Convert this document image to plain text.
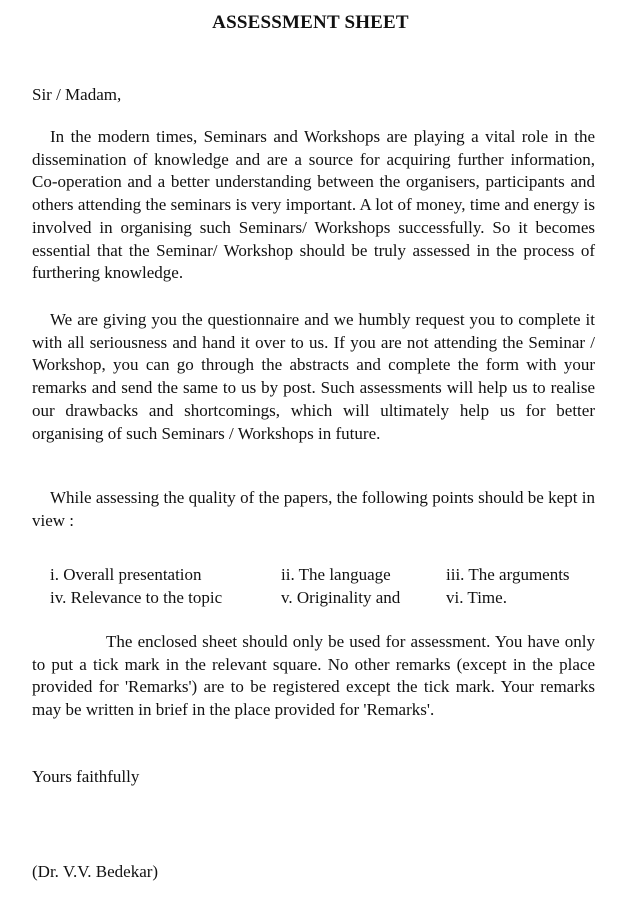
ASSESSMENT SHEET
Sir / Madam,

In the modern times, Seminars and Workshops are playing a vital role in the dissemination of knowledge and are a source for acquiring further information, Co-operation and a better understanding between the organisers, participants and others attending the seminars is very important. A lot of money, time and energy is involved in organising such Seminars/ Workshops successfully. So it becomes essential that the Seminar/ Workshop should be truly assessed in the process of furthering knowledge.

We are giving you the questionnaire and we humbly request you to complete it with all seriousness and hand it over to us. If you are not attending the Seminar / Workshop, you can go through the abstracts and complete the form with your remarks and send the same to us by post. Such assessments will help us to realise our drawbacks and shortcomings, which will ultimately help us for better organising of such Seminars / Workshops in future.

While assessing the quality of the papers, the following points should be kept in view :

i. Overall presentation	ii. The language	iii. The arguments
iv. Relevance to the topic	v. Originality and	vi. Time.

The enclosed sheet should only be used for assessment. You have only to put a tick mark in the relevant square. No other remarks (except in the place provided for 'Remarks') are to be registered except the tick mark. Your remarks may be written in brief in the place provided for 'Remarks'.

Yours faithfully
(Dr. V.V. Bedekar)
